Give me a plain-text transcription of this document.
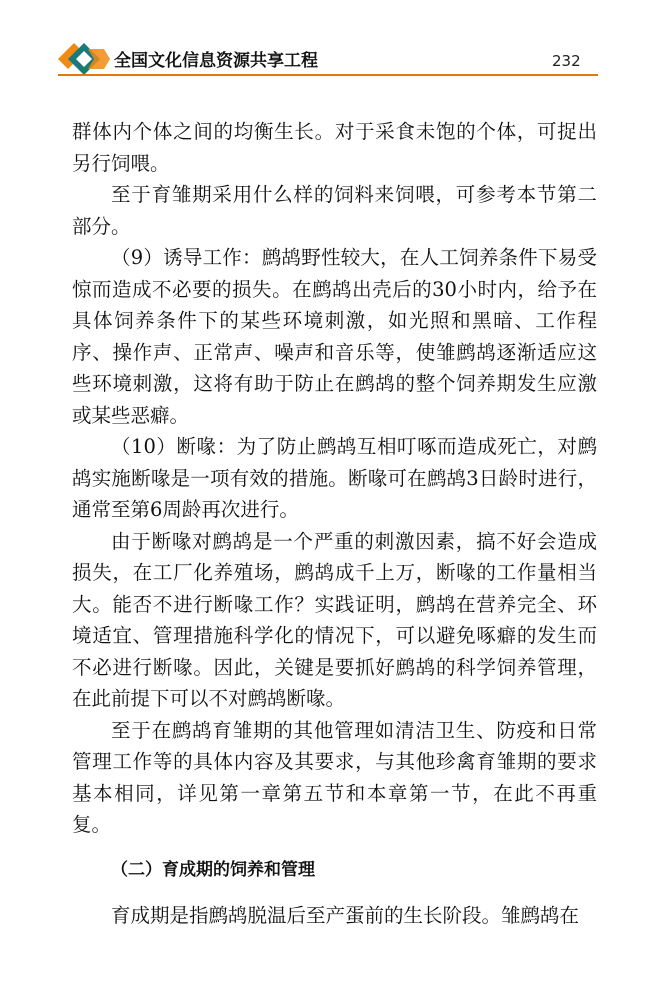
全国文化信息资源共享工程	232

群体内个体之间的均衡生长。对于采食未饱的个体，可捉出另行饲喂。

至于育雏期采用什么样的饲料来饲喂，可参考本节第二部分。

（9）诱导工作：鹧鸪野性较大，在人工饲养条件下易受惊而造成不必要的损失。在鹧鸪出壳后的30小时内，给予在具体饲养条件下的某些环境刺激，如光照和黑暗、工作程序、操作声、正常声、噪声和音乐等，使雏鹧鸪逐渐适应这些环境刺激，这将有助于防止在鹧鸪的整个饲养期发生应激或某些恶癖。

（10）断喙：为了防止鹧鸪互相叮啄而造成死亡，对鹧鸪实施断喙是一项有效的措施。断喙可在鹧鸪3日龄时进行，通常至第6周龄再次进行。

由于断喙对鹧鸪是一个严重的刺激因素，搞不好会造成损失，在工厂化养殖场，鹧鸪成千上万，断喙的工作量相当大。能否不进行断喙工作？实践证明，鹧鸪在营养完全、环境适宜、管理措施科学化的情况下，可以避免啄癖的发生而不必进行断喙。因此，关键是要抓好鹧鸪的科学饲养管理，在此前提下可以不对鹧鸪断喙。

至于在鹧鸪育雏期的其他管理如清洁卫生、防疫和日常管理工作等的具体内容及其要求，与其他珍禽育雏期的要求基本相同，详见第一章第五节和本章第一节，在此不再重复。

（二）育成期的饲养和管理

育成期是指鹧鸪脱温后至产蛋前的生长阶段。雏鹧鸪在
